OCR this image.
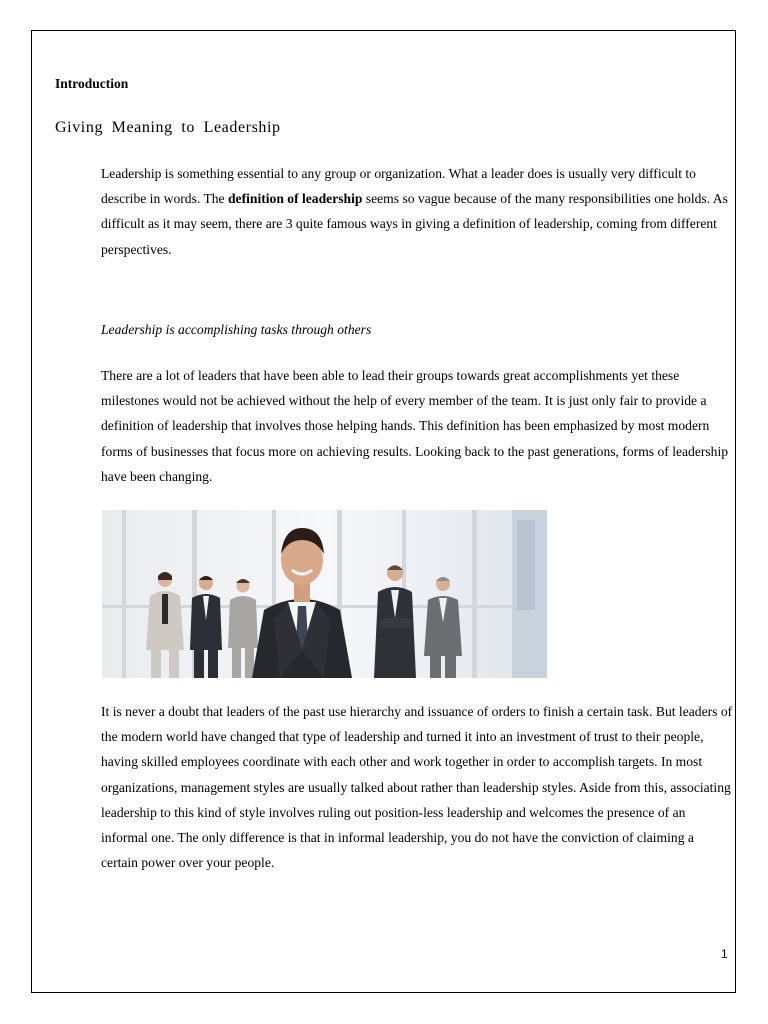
Introduction

Giving Meaning to Leadership

Leadership is something essential to any group or organization. What a leader does is usually very difficult to describe in words. The definition of leadership seems so vague because of the many responsibilities one holds. As difficult as it may seem, there are 3 quite famous ways in giving a definition of leadership, coming from different perspectives.

Leadership is accomplishing tasks through others

There are a lot of leaders that have been able to lead their groups towards great accomplishments yet these milestones would not be achieved without the help of every member of the team. It is just only fair to provide a definition of leadership that involves those helping hands. This definition has been emphasized by most modern forms of businesses that focus more on achieving results. Looking back to the past generations, forms of leadership have been changing.

It is never a doubt that leaders of the past use hierarchy and issuance of orders to finish a certain task. But leaders of the modern world have changed that type of leadership and turned it into an investment of trust to their people, having skilled employees coordinate with each other and work together in order to accomplish targets. In most organizations, management styles are usually talked about rather than leadership styles. Aside from this, associating leadership to this kind of style involves ruling out position-less leadership and welcomes the presence of an informal one. The only difference is that in informal leadership, you do not have the conviction of claiming a certain power over your people.

1
